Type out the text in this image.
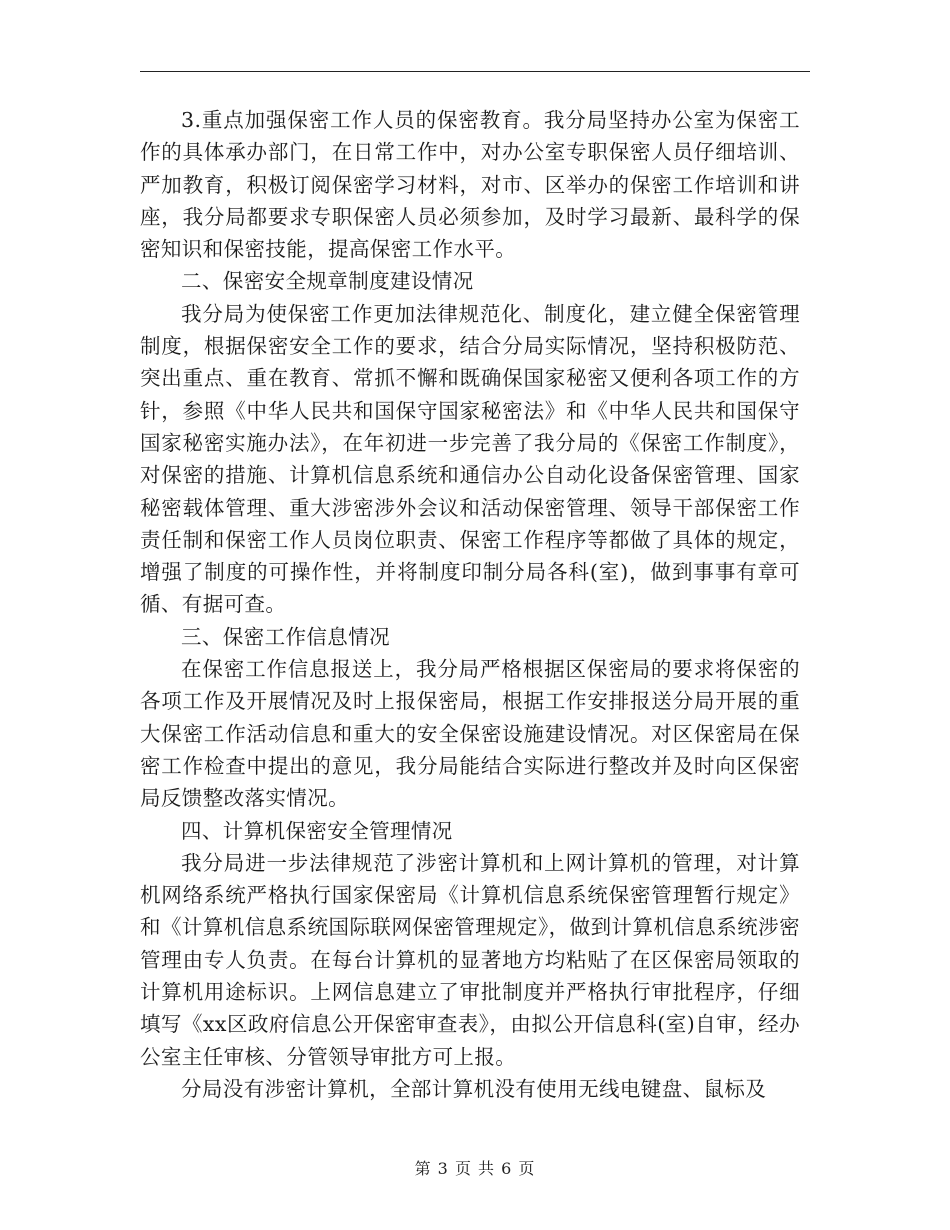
3.重点加强保密工作人员的保密教育。我分局坚持办公室为保密工作的具体承办部门，在日常工作中，对办公室专职保密人员仔细培训、严加教育，积极订阅保密学习材料，对市、区举办的保密工作培训和讲座，我分局都要求专职保密人员必须参加，及时学习最新、最科学的保密知识和保密技能，提高保密工作水平。

二、保密安全规章制度建设情况

我分局为使保密工作更加法律规范化、制度化，建立健全保密管理制度，根据保密安全工作的要求，结合分局实际情况，坚持积极防范、突出重点、重在教育、常抓不懈和既确保国家秘密又便利各项工作的方针，参照《中华人民共和国保守国家秘密法》和《中华人民共和国保守国家秘密实施办法》，在年初进一步完善了我分局的《保密工作制度》，对保密的措施、计算机信息系统和通信办公自动化设备保密管理、国家秘密载体管理、重大涉密涉外会议和活动保密管理、领导干部保密工作责任制和保密工作人员岗位职责、保密工作程序等都做了具体的规定，增强了制度的可操作性，并将制度印制分局各科(室)，做到事事有章可循、有据可查。

三、保密工作信息情况

在保密工作信息报送上，我分局严格根据区保密局的要求将保密的各项工作及开展情况及时上报保密局，根据工作安排报送分局开展的重大保密工作活动信息和重大的安全保密设施建设情况。对区保密局在保密工作检查中提出的意见，我分局能结合实际进行整改并及时向区保密局反馈整改落实情况。

四、计算机保密安全管理情况

我分局进一步法律规范了涉密计算机和上网计算机的管理，对计算机网络系统严格执行国家保密局《计算机信息系统保密管理暂行规定》和《计算机信息系统国际联网保密管理规定》，做到计算机信息系统涉密管理由专人负责。在每台计算机的显著地方均粘贴了在区保密局领取的计算机用途标识。上网信息建立了审批制度并严格执行审批程序，仔细填写《xx区政府信息公开保密审查表》，由拟公开信息科(室)自审，经办公室主任审核、分管领导审批方可上报。

分局没有涉密计算机，全部计算机没有使用无线电键盘、鼠标及

第 3 页 共 6 页
